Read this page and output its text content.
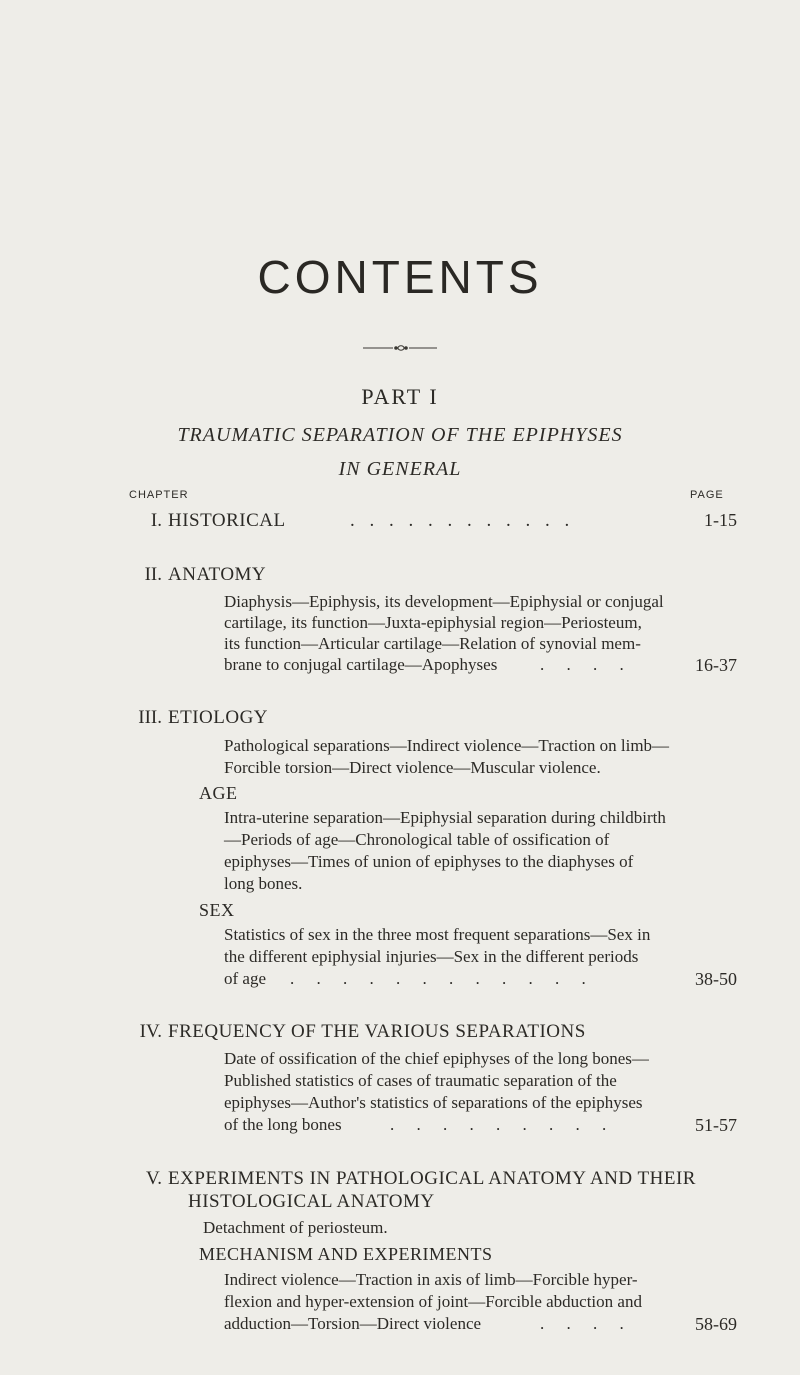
CONTENTS
PART I
TRAUMATIC SEPARATION OF THE EPIPHYSES
IN GENERAL
CHAPTER	PAGE
I. HISTORICAL	. . . . . . . . . . . .	1-15
II. ANATOMY
Diaphysis—Epiphysis, its development—Epiphysial or conjugal
cartilage, its function—Juxta-epiphysial region—Periosteum,
its function—Articular cartilage—Relation of synovial mem-
brane to conjugal cartilage—Apophyses	. . . .	16-37
III. ETIOLOGY
Pathological separations—Indirect violence—Traction on limb—
Forcible torsion—Direct violence—Muscular violence.
AGE
Intra-uterine separation—Epiphysial separation during childbirth
—Periods of age—Chronological table of ossification of
epiphyses—Times of union of epiphyses to the diaphyses of
long bones.
SEX
Statistics of sex in the three most frequent separations—Sex in
the different epiphysial injuries—Sex in the different periods
of age . . . . . . . . . . . .	38-50
IV. FREQUENCY OF THE VARIOUS SEPARATIONS
Date of ossification of the chief epiphyses of the long bones—
Published statistics of cases of traumatic separation of the
epiphyses—Author's statistics of separations of the epiphyses
of the long bones	. . . . . . . . .	51-57
V. EXPERIMENTS IN PATHOLOGICAL ANATOMY AND THEIR
HISTOLOGICAL ANATOMY
Detachment of periosteum.
MECHANISM AND EXPERIMENTS
Indirect violence—Traction in axis of limb—Forcible hyper-
flexion and hyper-extension of joint—Forcible abduction and
adduction—Torsion—Direct violence	. . . .	58-69
